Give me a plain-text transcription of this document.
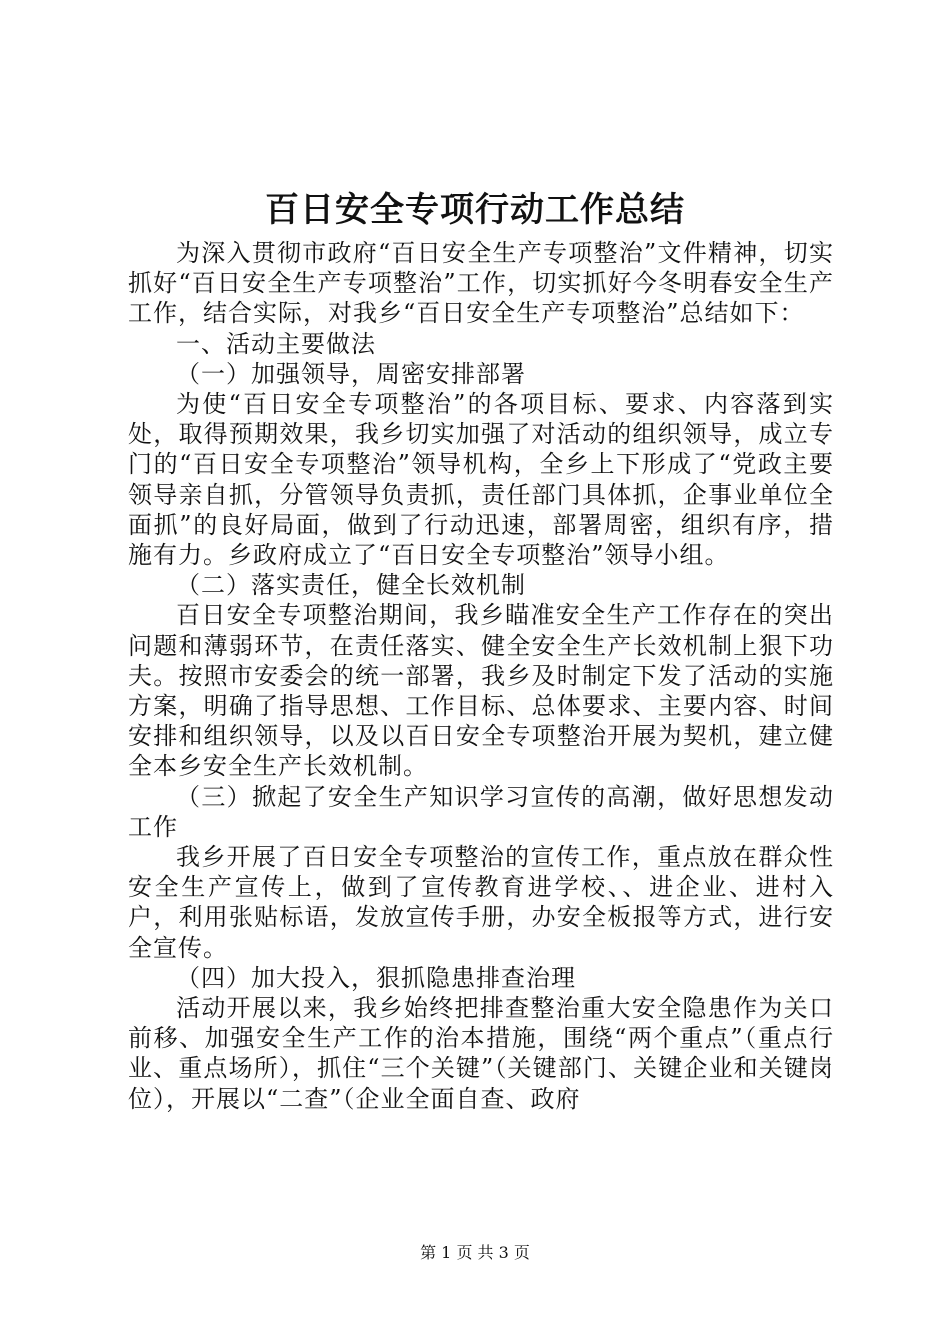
百日安全专项行动工作总结

为深入贯彻市政府“百日安全生产专项整治”文件精神，切实抓好“百日安全生产专项整治”工作，切实抓好今冬明春安全生产工作，结合实际，对我乡“百日安全生产专项整治”总结如下：

一、活动主要做法

（一）加强领导，周密安排部署

为使“百日安全专项整治”的各项目标、要求、内容落到实处，取得预期效果，我乡切实加强了对活动的组织领导，成立专门的“百日安全专项整治”领导机构，全乡上下形成了“党政主要领导亲自抓，分管领导负责抓，责任部门具体抓，企事业单位全面抓”的良好局面，做到了行动迅速，部署周密，组织有序，措施有力。乡政府成立了“百日安全专项整治”领导小组。

（二）落实责任，健全长效机制

百日安全专项整治期间，我乡瞄准安全生产工作存在的突出问题和薄弱环节，在责任落实、健全安全生产长效机制上狠下功夫。按照市安委会的统一部署，我乡及时制定下发了活动的实施方案，明确了指导思想、工作目标、总体要求、主要内容、时间安排和组织领导，以及以百日安全专项整治开展为契机，建立健全本乡安全生产长效机制。

（三）掀起了安全生产知识学习宣传的高潮，做好思想发动工作

我乡开展了百日安全专项整治的宣传工作，重点放在群众性安全生产宣传上，做到了宣传教育进学校、、进企业、进村入户，利用张贴标语，发放宣传手册，办安全板报等方式，进行安全宣传。

（四）加大投入，狠抓隐患排查治理

活动开展以来，我乡始终把排查整治重大安全隐患作为关口前移、加强安全生产工作的治本措施，围绕“两个重点”（重点行业、重点场所），抓住“三个关键”（关键部门、关键企业和关键岗位），开展以“二查”（企业全面自查、政府

第 1 页 共 3 页
